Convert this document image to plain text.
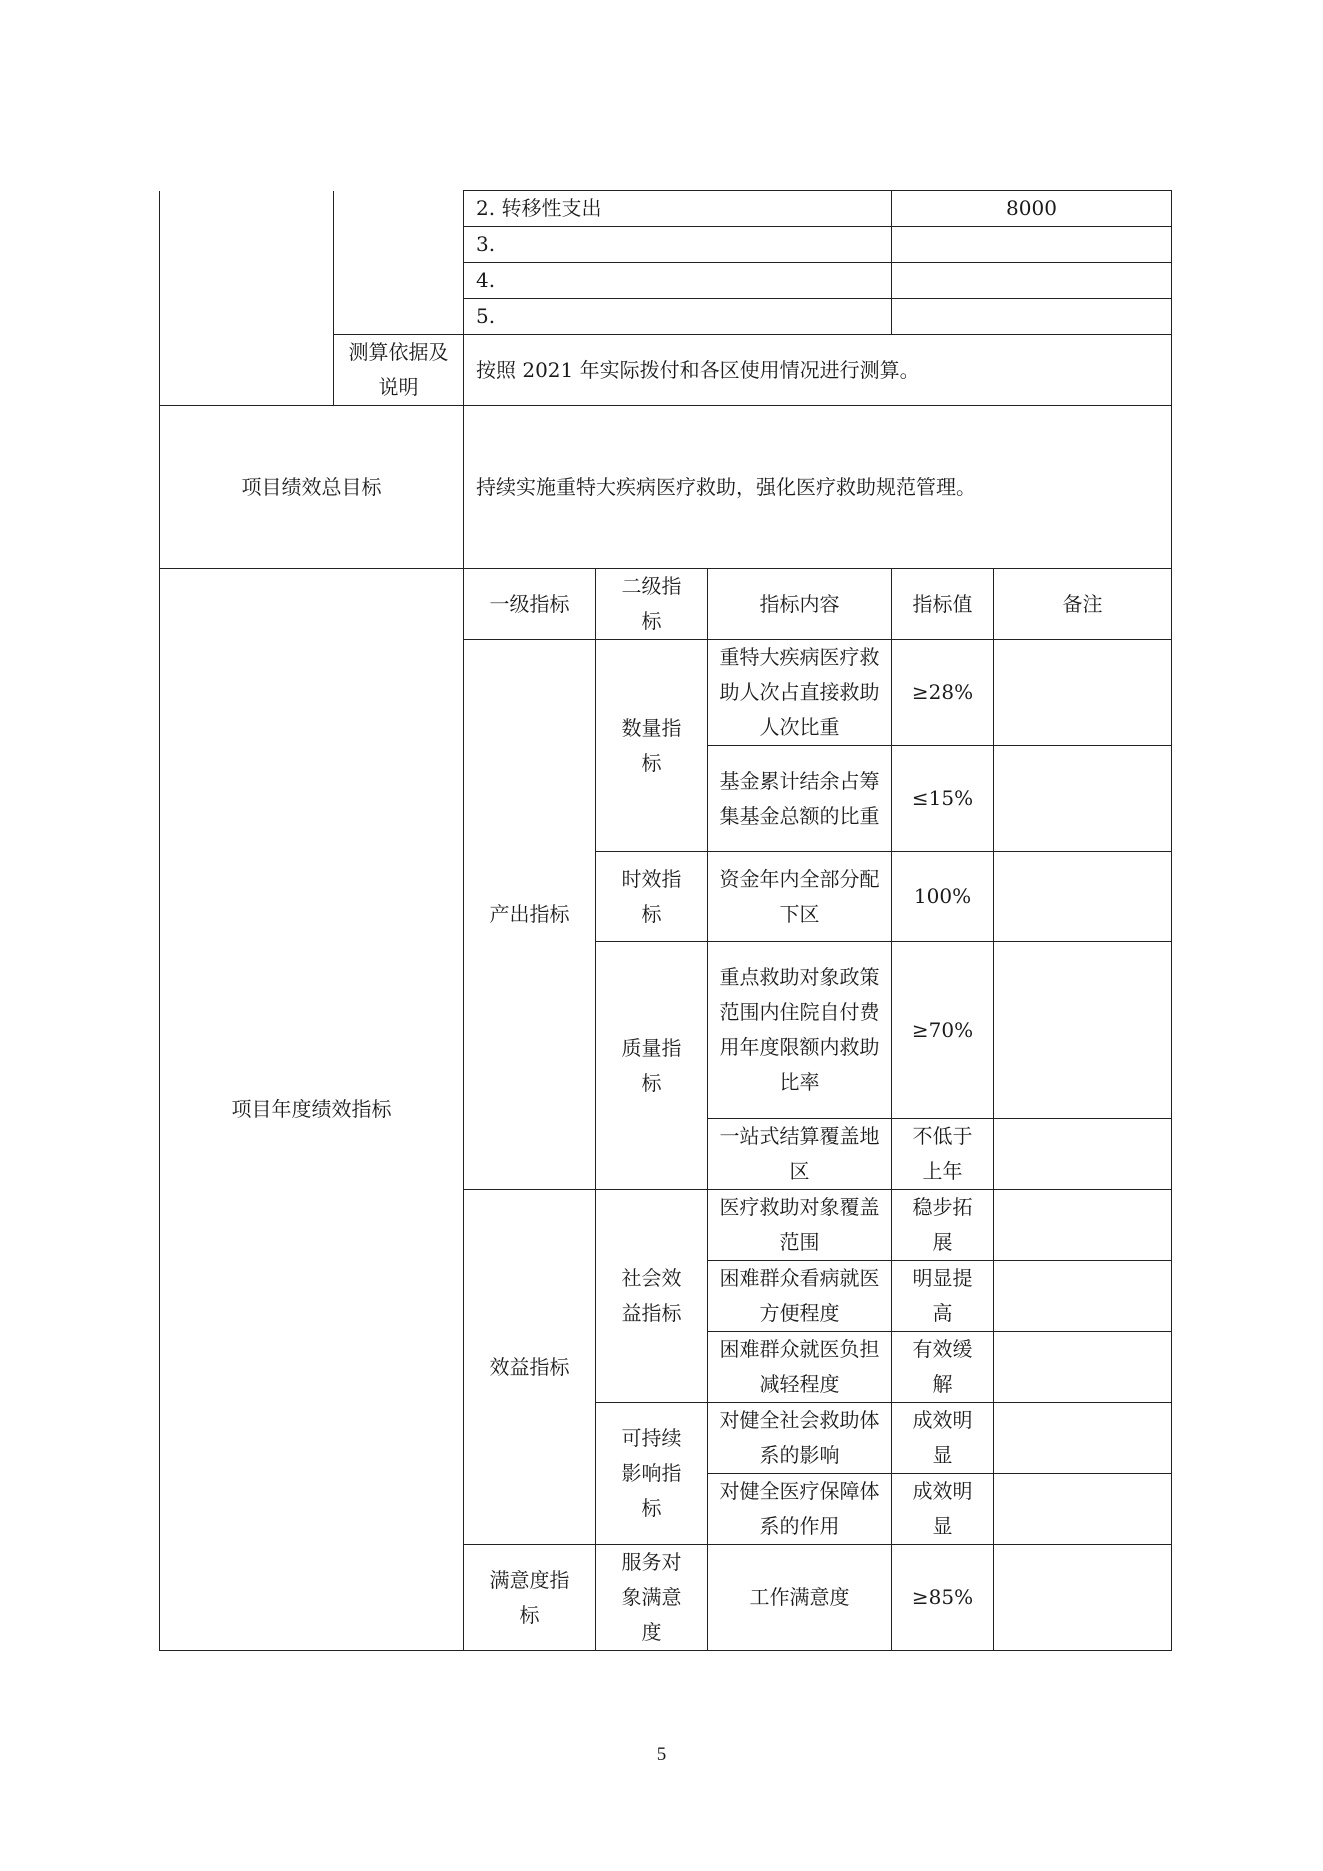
		2. 转移性支出			8000	
		3.				
		4.				
		5.				
	测算依据及说明	按照 2021 年实际拨付和各区使用情况进行测算。				
项目绩效总目标		持续实施重特大疾病医疗救助，强化医疗救助规范管理。				
项目年度绩效指标		一级指标	二级指标	指标内容	指标值	备注
		产出指标	数量指标	重特大疾病医疗救助人次占直接救助人次比重	≥28%	
				基金累计结余占筹集基金总额的比重	≤15%	
			时效指标	资金年内全部分配下区	100%	
			质量指标	重点救助对象政策范围内住院自付费用年度限额内救助比率	≥70%	
				一站式结算覆盖地区	不低于上年	

		效益指标	社会效益指标	医疗救助对象覆盖范围	稳步拓展	
				困难群众看病就医方便程度	明显提高	
				困难群众就医负担减轻程度	有效缓解	
			可持续影响指标	对健全社会救助体系的影响	成效明显	
				对健全医疗保障体系的作用	成效明显	
		满意度指标	服务对象满意度	工作满意度	≥85%	
5
